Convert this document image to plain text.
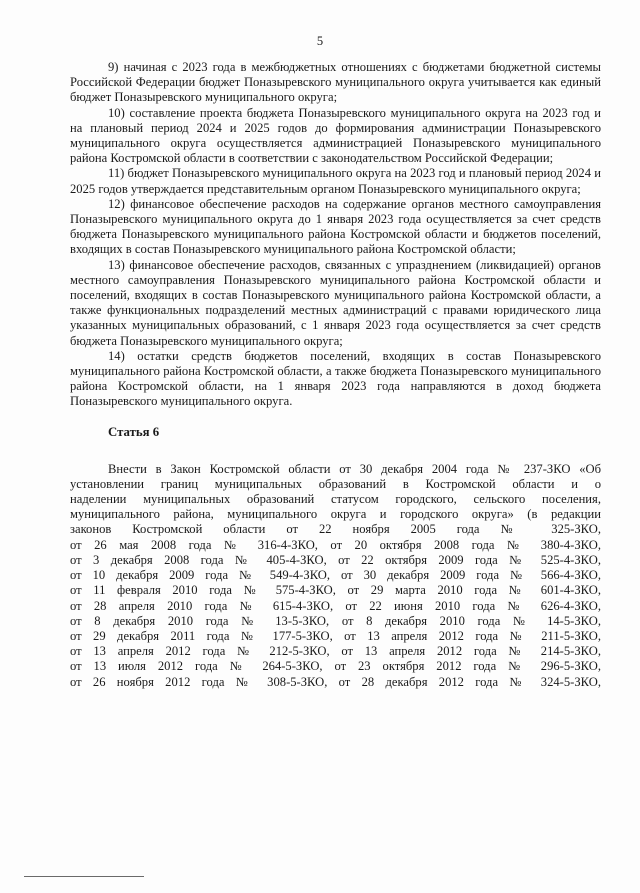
5

9) начиная с 2023 года в межбюджетных отношениях с бюджетами бюджетной системы Российской Федерации бюджет Поназыревского муниципального округа учитывается как единый бюджет Поназыревского муниципального округа;

10) составление проекта бюджета Поназыревского муниципального округа на 2023 год и на плановый период 2024 и 2025 годов до формирования администрации Поназыревского муниципального округа осуществляется администрацией Поназыревского муниципального района Костромской области в соответствии с законодательством Российской Федерации;

11) бюджет Поназыревского муниципального округа на 2023 год и плановый период 2024 и 2025 годов утверждается представительным органом Поназыревского муниципального округа;

12) финансовое обеспечение расходов на содержание органов местного самоуправления Поназыревского муниципального округа до 1 января 2023 года осуществляется за счет средств бюджета Поназыревского муниципального района Костромской области и бюджетов поселений, входящих в состав Поназыревского муниципального района Костромской области;

13) финансовое обеспечение расходов, связанных с упразднением (ликвидацией) органов местного самоуправления Поназыревского муниципального района Костромской области и поселений, входящих в состав Поназыревского муниципального района Костромской области, а также функциональных подразделений местных администраций с правами юридического лица указанных муниципальных образований, с 1 января 2023 года осуществляется за счет средств бюджета Поназыревского муниципального округа;

14) остатки средств бюджетов поселений, входящих в состав Поназыревского муниципального района Костромской области, а также бюджета Поназыревского муниципального района Костромской области, на 1 января 2023 года направляются в доход бюджета Поназыревского муниципального округа.

Статья 6
Внести в Закон Костромской области от 30 декабря 2004 года № 237-ЗКО «Об
установлении границ муниципальных образований в Костромской области и о
наделении муниципальных образований статусом городского, сельского поселения,
муниципального района, муниципального округа и городского округа» (в редакции
законов Костромской области от 22 ноября 2005 года № 325-ЗКО,
от 26 мая 2008 года № 316-4-ЗКО, от 20 октября 2008 года № 380-4-ЗКО,
от 3 декабря 2008 года № 405-4-ЗКО, от 22 октября 2009 года № 525-4-ЗКО,
от 10 декабря 2009 года № 549-4-ЗКО, от 30 декабря 2009 года № 566-4-ЗКО,
от 11 февраля 2010 года № 575-4-ЗКО, от 29 марта 2010 года № 601-4-ЗКО,
от 28 апреля 2010 года № 615-4-ЗКО, от 22 июня 2010 года № 626-4-ЗКО,
от 8 декабря 2010 года № 13-5-ЗКО, от 8 декабря 2010 года № 14-5-ЗКО,
от 29 декабря 2011 года № 177-5-ЗКО, от 13 апреля 2012 года № 211-5-ЗКО,
от 13 апреля 2012 года № 212-5-ЗКО, от 13 апреля 2012 года № 214-5-ЗКО,
от 13 июля 2012 года № 264-5-ЗКО, от 23 октября 2012 года № 296-5-ЗКО,
от 26 ноября 2012 года № 308-5-ЗКО, от 28 декабря 2012 года № 324-5-ЗКО,
